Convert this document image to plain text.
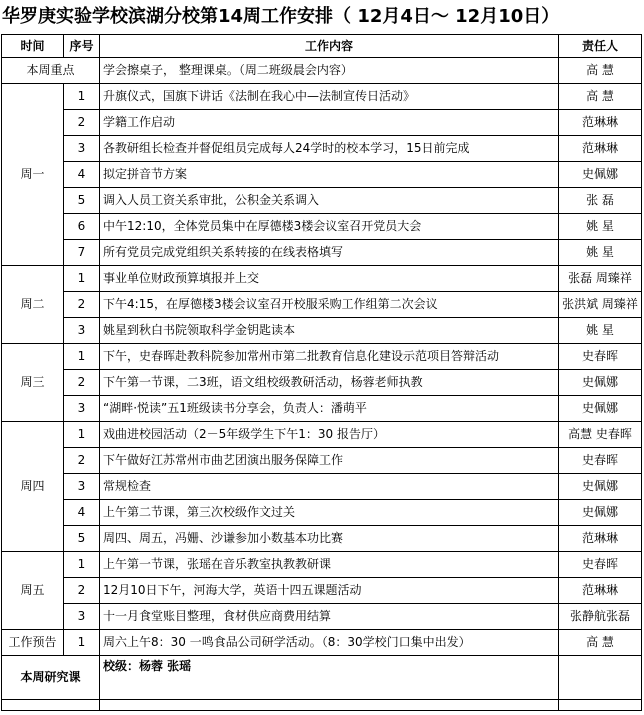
华罗庚实验学校滨湖分校第14周工作安排（ 12月4日～ 12月10日）
时间	序号	工作内容	责任人
本周重点		学会擦桌子， 整理课桌。（周二班级晨会内容）	高 慧
周一	1	升旗仪式，国旗下讲话《法制在我心中—法制宣传日活动》	高 慧
	2	学籍工作启动	范琳琳
	3	各教研组长检查并督促组员完成每人24学时的校本学习，15日前完成	范琳琳
	4	拟定拼音节方案	史佩娜
	5	调入人员工资关系审批，公积金关系调入	张 磊
	6	中午12:10，全体党员集中在厚德楼3楼会议室召开党员大会	姚 星
	7	所有党员完成党组织关系转接的在线表格填写	姚 星
周二	1	事业单位财政预算填报并上交	张磊 周臻祥
	2	下午4:15，在厚德楼3楼会议室召开校服采购工作组第二次会议	张洪斌 周臻祥
	3	姚星到秋白书院领取科学金钥匙读本	姚 星
周三	1	下午，史春晖赴教科院参加常州市第二批教育信息化建设示范项目答辩活动	史春晖
	2	下午第一节课，二3班，语文组校级教研活动，杨蓉老师执教	史佩娜
	3	“湖畔·悦读”五1班级读书分享会，负责人：潘萌平	史佩娜
周四	1	戏曲进校园活动（2－5年级学生下午1：30 报告厅）	高慧 史春晖
	2	下午做好江苏常州市曲艺团演出服务保障工作	史春晖
	3	常规检查	史佩娜
	4	上午第二节课，第三次校级作文过关	史佩娜
	5	周四、周五，冯姗、沙谦参加小数基本功比赛	范琳琳
周五	1	上午第一节课，张瑶在音乐教室执教教研课	史春晖
	2	12月10日下午，河海大学，英语十四五课题活动	范琳琳
	3	十一月食堂账目整理，食材供应商费用结算	张静航张磊
工作预告	1	周六上午8：30 一鸣食品公司研学活动。（8：30学校门口集中出发）	高 慧
本周研究课		校级：杨蓉 张瑶	
